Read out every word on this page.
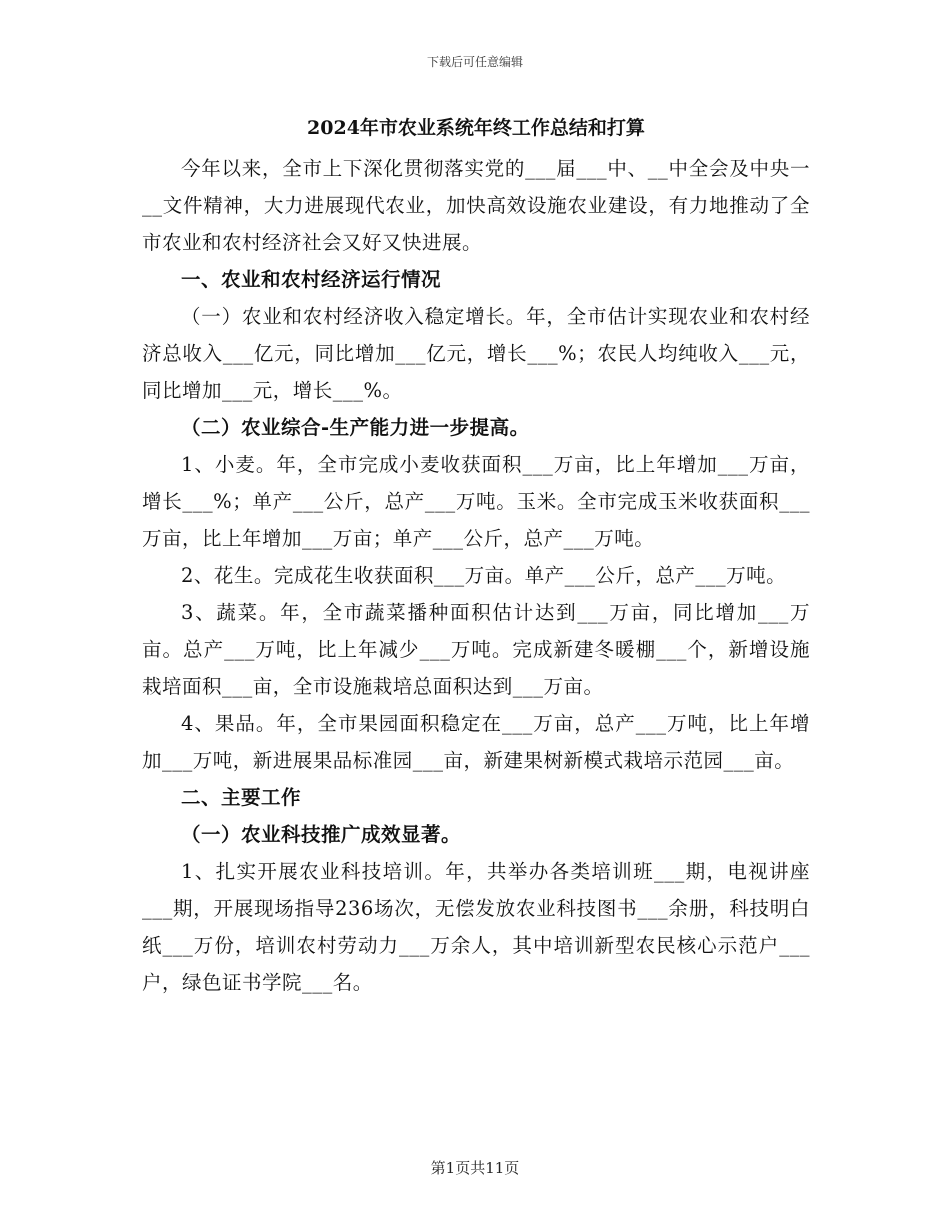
下载后可任意编辑
2024年市农业系统年终工作总结和打算

今年以来，全市上下深化贯彻落实党的___届___中、__中全会及中央一__文件精神，大力进展现代农业，加快高效设施农业建设，有力地推动了全市农业和农村经济社会又好又快进展。

一、农业和农村经济运行情况

（一）农业和农村经济收入稳定增长。年，全市估计实现农业和农村经济总收入___亿元，同比增加___亿元，增长___%；农民人均纯收入___元，同比增加___元，增长___%。

（二）农业综合-生产能力进一步提高。

1、小麦。年，全市完成小麦收获面积___万亩，比上年增加___万亩，增长___%；单产___公斤，总产___万吨。玉米。全市完成玉米收获面积___万亩，比上年增加___万亩；单产___公斤，总产___万吨。

2、花生。完成花生收获面积___万亩。单产___公斤，总产___万吨。

3、蔬菜。年，全市蔬菜播种面积估计达到___万亩，同比增加___万亩。总产___万吨，比上年减少___万吨。完成新建冬暖棚___个，新增设施栽培面积___亩，全市设施栽培总面积达到___万亩。

4、果品。年，全市果园面积稳定在___万亩，总产___万吨，比上年增加___万吨，新进展果品标准园___亩，新建果树新模式栽培示范园___亩。

二、主要工作

（一）农业科技推广成效显著。

1、扎实开展农业科技培训。年，共举办各类培训班___期，电视讲座___期，开展现场指导236场次，无偿发放农业科技图书___余册，科技明白纸___万份，培训农村劳动力___万余人，其中培训新型农民核心示范户___户，绿色证书学院___名。

第1页共11页
